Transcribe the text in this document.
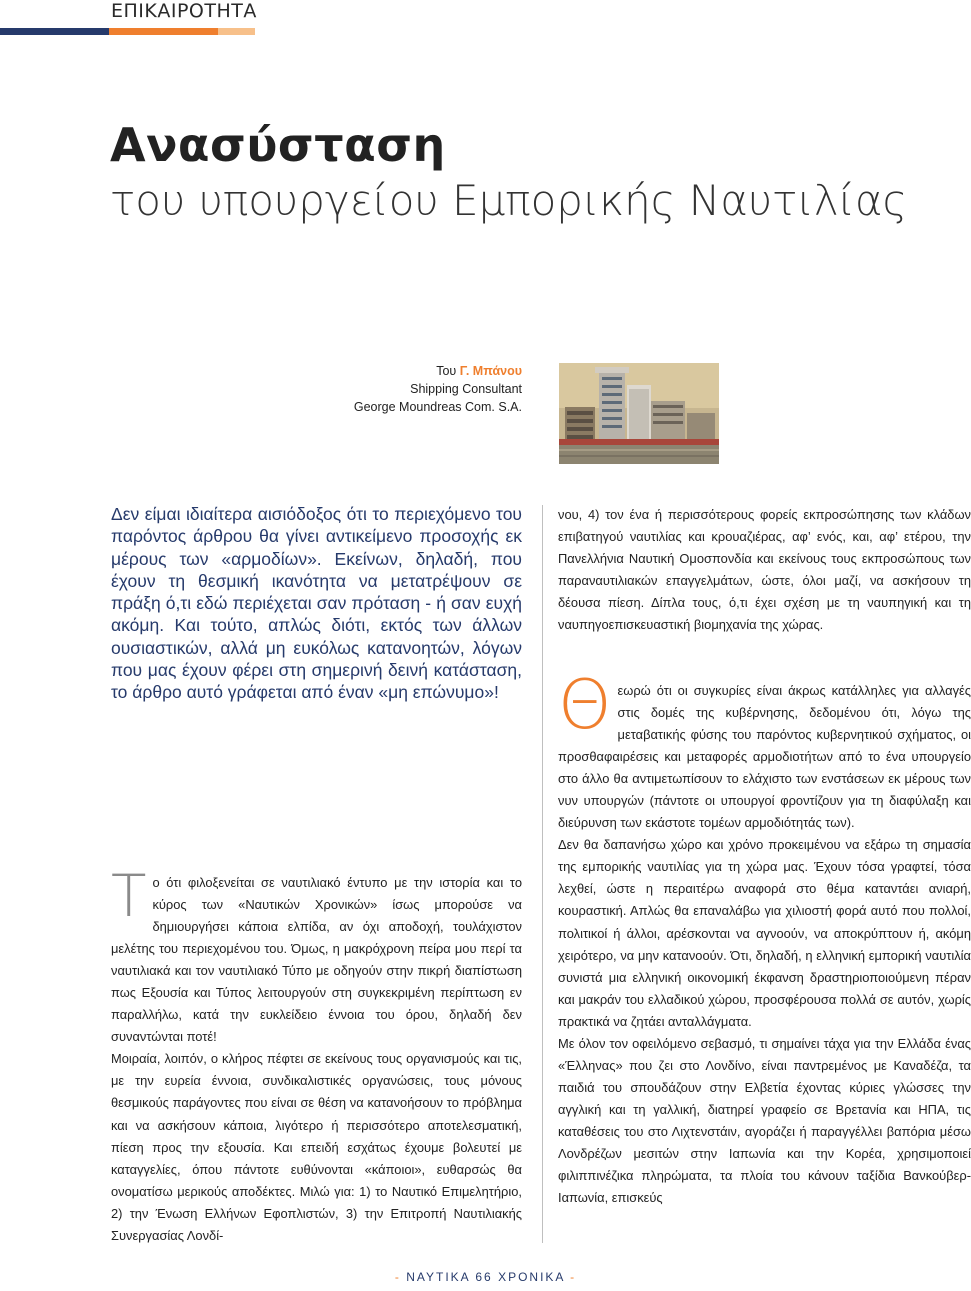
ΕΠΙΚΑΙΡΟΤΗΤΑ
Ανασύσταση
του υπουργείου Εμπορικής Ναυτιλίας
Του Γ. Μπάνου
Shipping Consultant
George Moundreas Com. S.A.
Δεν είμαι ιδιαίτερα αισιόδοξος ότι το περιεχόμενο του παρόντος άρθρου θα γίνει αντικείμενο προσοχής εκ μέρους των «αρμοδίων». Εκείνων, δηλαδή, που έχουν τη θεσμική ικανότητα να μετατρέψουν σε πράξη ό,τι εδώ περιέχεται σαν πρόταση - ή σαν ευχή ακόμη. Και τούτο, απλώς διότι, εκτός των άλλων ουσιαστικών, αλλά μη ευκόλως κατανοητών, λόγων που μας έχουν φέρει στη σημερινή δεινή κατάσταση, το άρθρο αυτό γράφεται από έναν «μη επώνυμο»!

Το ότι φιλοξενείται σε ναυτιλιακό έντυπο με την ιστορία και το κύρος των «Ναυτικών Χρονικών» ίσως μπορούσε να δημιουργήσει κάποια ελπίδα, αν όχι αποδοχή, τουλάχιστον μελέτης του περιεχομένου του. Όμως, η μακρόχρονη πείρα μου περί τα ναυτιλιακά και τον ναυτιλιακό Τύπο με οδηγούν στην πικρή διαπίστωση πως Εξουσία και Τύπος λειτουργούν στη συγκεκριμένη περίπτωση εν παραλλήλω, κατά την ευκλείδειο έννοια του όρου, δηλαδή δεν συναντώνται ποτέ!

Μοιραία, λοιπόν, ο κλήρος πέφτει σε εκείνους τους οργανισμούς και τις, με την ευρεία έννοια, συνδικαλιστικές οργανώσεις, τους μόνους θεσμικούς παράγοντες που είναι σε θέση να κατανοήσουν το πρόβλημα και να ασκήσουν κάποια, λιγότερο ή περισσότερο αποτελεσματική, πίεση προς την εξουσία. Και επειδή εσχάτως έχουμε βολευτεί με καταγγελίες, όπου πάντοτε ευθύνονται «κάποιοι», ευθαρσώς θα ονοματίσω μερικούς αποδέκτες. Μιλώ για: 1) το Ναυτικό Επιμελητήριο, 2) την Ένωση Ελλήνων Εφοπλιστών, 3) την Επιτροπή Ναυτιλιακής Συνεργασίας Λονδί-

νου, 4) τον ένα ή περισσότερους φορείς εκπροσώπησης των κλάδων επιβατηγού ναυτιλίας και κρουαζιέρας, αφ’ ενός, και, αφ’ ετέρου, την Πανελλήνια Ναυτική Ομοσπονδία και εκείνους τους εκπροσώπους των παραναυτιλιακών επαγγελμάτων, ώστε, όλοι μαζί, να ασκήσουν τη δέουσα πίεση. Δίπλα τους, ό,τι έχει σχέση με τη ναυπηγική και τη ναυπηγοεπισκευαστική βιομηχανία της χώρας.

Θεωρώ ότι οι συγκυρίες είναι άκρως κατάλληλες για αλλαγές στις δομές της κυβέρνησης, δεδομένου ότι, λόγω της μεταβατικής φύσης του παρόντος κυβερνητικού σχήματος, οι προσθαφαιρέσεις και μεταφορές αρμοδιοτήτων από το ένα υπουργείο στο άλλο θα αντιμετωπίσουν το ελάχιστο των ενστάσεων εκ μέρους των νυν υπουργών (πάντοτε οι υπουργοί φροντίζουν για τη διαφύλαξη και διεύρυνση των εκάστοτε τομέων αρμοδιότητάς των).

Δεν θα δαπανήσω χώρο και χρόνο προκειμένου να εξάρω τη σημασία της εμπορικής ναυτιλίας για τη χώρα μας. Έχουν τόσα γραφτεί, τόσα λεχθεί, ώστε η περαιτέρω αναφορά στο θέμα καταντάει ανιαρή, κουραστική. Απλώς θα επαναλάβω για χιλιοστή φορά αυτό που πολλοί, πολιτικοί ή άλλοι, αρέσκονται να αγνοούν, να αποκρύπτουν ή, ακόμη χειρότερο, να μην κατανοούν. Ότι, δηλαδή, η ελληνική εμπορική ναυτιλία συνιστά μια ελληνική οικονομική έκφανση δραστηριοποιούμενη πέραν και μακράν του ελλαδικού χώρου, προσφέρουσα πολλά σε αυτόν, χωρίς πρακτικά να ζητάει ανταλλάγματα.

Με όλον τον οφειλόμενο σεβασμό, τι σημαίνει τάχα για την Ελλάδα ένας «Έλληνας» που ζει στο Λονδίνο, είναι παντρεμένος με Καναδέζα, τα παιδιά του σπουδάζουν στην Ελβετία έχοντας κύριες γλώσσες την αγγλική και τη γαλλική, διατηρεί γραφείο σε Βρετανία και ΗΠΑ, τις καταθέσεις του στο Λιχτενστάιν, αγοράζει ή παραγγέλλει βαπόρια μέσω Λονδρέζων μεσιτών στην Ιαπωνία και την Κορέα, χρησιμοποιεί φιλιππινέζικα πληρώματα, τα πλοία του κάνουν ταξίδια Βανκούβερ-Ιαπωνία, επισκεύς

- ΝΑΥΤΙΚΑ 66 ΧΡΟΝΙΚΑ -
